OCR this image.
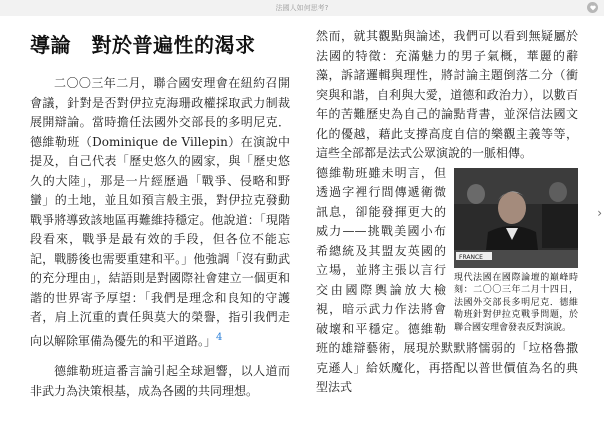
法國人如何思考?
導論　對於普遍性的渴求

二〇〇三年二月，聯合國安理會在紐約召開會議，針對是否對伊拉克海珊政權採取武力制裁展開辯論。當時擔任法國外交部長的多明尼克．德維勒班（Dominique de Villepin）在演說中提及，自己代表「歷史悠久的國家，與「歷史悠久的大陸」，那是一片經歷過「戰爭、侵略和野蠻」的土地，並且如預言般主張，對伊拉克發動戰爭將導致該地區再難維持穩定。他說道：「現階段看來，戰爭是最有效的手段，但各位不能忘記，戰勝後也需要重建和平。」他強調「沒有動武的充分理由」，結語則是對國際社會建立一個更和諧的世界寄予厚望：「我們是理念和良知的守護者，肩上沉重的責任與莫大的榮譽，指引我們走向以解除軍備為優先的和平道路。」$^4$

德維勒班這番言論引起全球迴響，以人道而非武力為決策根基，成為各國的共同理想。

然而，就其觀點與論述，我們可以看到無疑屬於法國的特徵：充滿魅力的男子氣概，華麗的辭藻，訴諸邏輯與理性，將討論主題倒落二分（衝突與和諧，自利與大愛，道德和政治力），以數百年的苦難歷史為自己的論點背書，並深信法國文化的優越，藉此支撐高度自信的樂觀主義等等，這些全部都是法式公眾演說的一脈相傳。

FRANCE
現代法國在國際論壇的巔峰時刻：二〇〇三年二月十四日，法國外交部長多明尼克．德維勒班針對伊拉克戰爭問題，於聯合國安理會發表反對演說。

德維勒班雖未明言，但透過字裡行間傳遞衛微訊息，卻能發揮更大的威力——挑戰美國小布希總統及其盟友英國的立場，並將主張以言行交由國際輿論放大檢視，暗示武力作法將會破壞和平穩定。德維勒班的雄辯藝術，展現於默默將懦弱的「垃格魯撒克遜人」給妖魔化，再搭配以普世價值為名的典型法式

›
